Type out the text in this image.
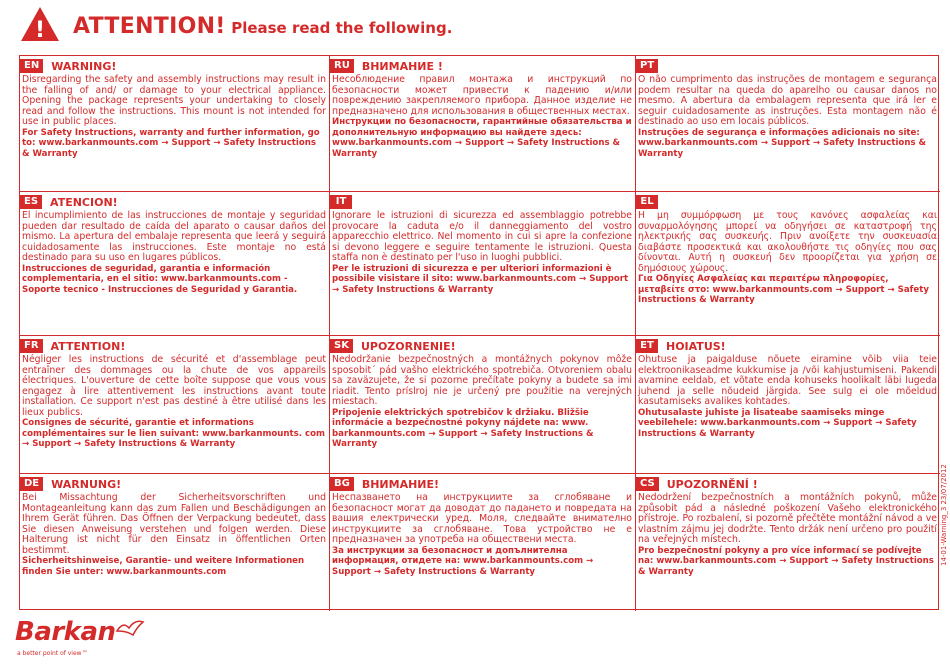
! ATTENTION! Please read the following.
EN	WARNING!
Disregarding the safety and assembly instructions may result in the falling of and/ or damage to your electrical appliance. Opening the package represents your undertaking to closely read and follow the instructions. This mount is not intended for use in public places.
For Safety Instructions, warranty and further information, go to: www.barkanmounts.com → Support → Safety Instructions & Warranty
RU	ВНИМАНИЕ !
Несоблюдение правил монтажа и инструкций по безопасности может привести к падению и/или повреждению закрепляемого прибора. Данное изделие не предназначено для использования в общественных местах.
Инструкции по безопасности, гарантийные обязательства и дополнительную информацию вы найдете здесь: www.barkanmounts.com → Support → Safety Instructions & Warranty
PT
O não cumprimento das instruções de montagem e segurança podem resultar na queda do aparelho ou causar danos no mesmo. A abertura da embalagem representa que irá ler e seguir cuidadosamente as instruções. Esta montagem não é destinado ao uso em locais públicos.
Instruções de segurança e informações adicionais no site: www.barkanmounts.com → Support → Safety Instructions & Warranty
ES	ATENCION!
El incumplimiento de las instrucciones de montaje y seguridad pueden dar resultado de caída del aparato o causar daños del mismo. La apertura del embalaje representa que leerá y seguirá cuidadosamente las instrucciones. Este montaje no está destinado para su uso en lugares públicos.
Instrucciones de seguridad, garantia e información complementaria, en el sitio: www.barkanmounts.com - Soporte tecnico - Instrucciones de Seguridad y Garantia.
IT
Ignorare le istruzioni di sicurezza ed assemblaggio potrebbe provocare la caduta e/o il danneggiamento del vostro apparecchio elettrico. Nel momento in cui si apre la confezione si devono leggere e seguire tentamente le istruzioni. Questa staffa non è destinato per l'uso in luoghi pubblici.
Per le istruzioni di sicurezza e per ulteriori informazioni è possibile visistare il sito: www.barkanmounts.com → Support → Safety Instructions & Warranty
EL
Η μη συμμόρφωση με τους κανόνες ασφαλείας και συναρμολόγησης μπορεί να οδηγήσει σε καταστροφή της ηλεκτρικής σας συσκευής. Πριν ανοίξετε την συσκευασία διαβάστε προσεκτικά και ακολουθήστε τις οδηγίες που σας δίνονται. Αυτή η συσκευή δεν προορίζεται για χρήση σε δημόσιους χώρους.
Για Οδηγίες Ασφαλείας και περαιτέρω πληροφορίες, μεταβείτε στο: www.barkanmounts.com → Support → Safety Instructions & Warranty
FR	ATTENTION!
Négliger les instructions de sécurité et d'assemblage peut entraîner des dommages ou la chute de vos appareils électriques. L'ouverture de cette boîte suppose que vous vous engagez à lire attentivement les instructions avant toute installation. Ce support n'est pas destiné à être utilisé dans les lieux publics.
Consignes de sécurité, garantie et informations complémentaires sur le lien suivant: www.barkanmounts. com → Support → Safety Instructions & Warranty
SK	UPOZORNENIE!
Nedodržanie bezpečnostných a montážnych pokynov môže sposobit´ pád vašho elektrického spotrebiča. Otvoreniem obalu sa zaväzujete, že si pozorne prečítate pokyny a budete sa imi riadit. Tento príslroj nie je určený pre použitie na verejných miestach.
Pripojenie elektrických spotrebičov k držiaku. Bližšie informácie a bezpečnostné pokyny nájdete na: www. barkanmounts.com → Support → Safety Instructions & Warranty
ET	HOIATUS!
Ohutuse ja paigalduse nõuete eiramine võib viia teie elektroonikaseadme kukkumise ja /või kahjustumiseni. Pakendi avamine eeldab, et võtate enda kohuseks hoolikalt läbi lugeda juhend ja selle nõudeid järgida. See sulg ei ole mõeldud kasutamiseks avalikes kohtades.
Ohutusalaste juhiste ja lisateabe saamiseks minge veebilehele: www.barkanmounts.com → Support → Safety Instructions & Warranty
DE	WARNUNG!
Bei Missachtung der Sicherheitsvorschriften und Montageanleitung kann das zum Fallen und Beschädigungen an Ihrem Gerät führen. Das Öffnen der Verpackung bedeutet, dass Sie diesen Anweisung verstehen und folgen werden. Diese Halterung ist nicht für den Einsatz in öffentlichen Orten bestimmt.
Sicherheitshinweise, Garantie- und weitere Informationen finden Sie unter: www.barkanmounts.com
BG	ВНИМАНИЕ!
Неспазването на инструкциите за сглобяване и безопасност могат да доводат до падането и повредата на вашия електрически уред. Моля, следвайте внимателно инструкциите за сглобяване. Това устройство не е предназначен за употреба на обществени места.
За инструкции за безопасност и допълнителна информация, отидете на: www.barkanmounts.com → Support → Safety Instructions & Warranty
CS	UPOZORNĚNÍ !
Nedodržení bezpečnostních a montážních pokynů, může způsobit pád a následné poškození Vašeho elektronického přístroje. Po rozbalení, si pozorně přečtěte montážní návod a ve vlastním zájmu jej dodržte. Tento držák není určeno pro použití na veřejných místech.
Pro bezpečnostní pokyny a pro více informací se podívejte na: www.barkanmounts.com → Support → Safety Instructions & Warranty
Barkan
a better point of view™
14-01-Warning_3 23/07/2012
